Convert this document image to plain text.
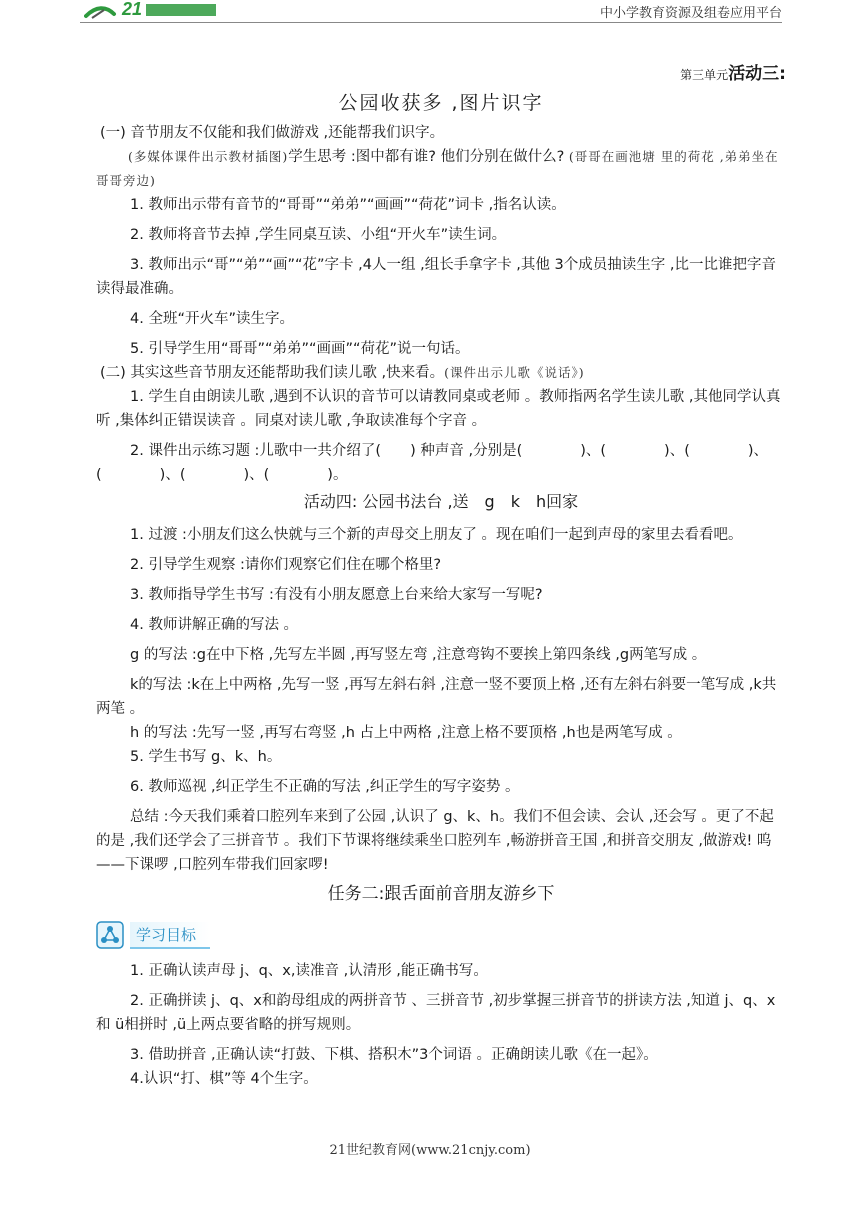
21	中小学教育资源及组卷应用平台

第三单元活动三:

公园收获多 ,图片识字

(一) 音节朋友不仅能和我们做游戏 ,还能帮我们识字。

(多媒体课件出示教材插图)学生思考 :图中都有谁? 他们分别在做什么? (哥哥在画池塘 里的荷花 ,弟弟坐在哥哥旁边)

1. 教师出示带有音节的“哥哥”“弟弟”“画画”“荷花”词卡 ,指名认读。

2. 教师将音节去掉 ,学生同桌互读、小组“开火车”读生词。

3. 教师出示“哥”“弟”“画”“花”字卡 ,4人一组 ,组长手拿字卡 ,其他 3个成员抽读生字 ,比一比谁把字音读得最准确。

4. 全班“开火车”读生字。

5. 引导学生用“哥哥”“弟弟”“画画”“荷花”说一句话。

(二) 其实这些音节朋友还能帮助我们读儿歌 ,快来看。(课件出示儿歌《说话》)

1. 学生自由朗读儿歌 ,遇到不认识的音节可以请教同桌或老师 。教师指两名学生读儿歌 ,其他同学认真听 ,集体纠正错误读音 。同桌对读儿歌 ,争取读准每个字音 。

2. 课件出示练习题 :儿歌中一共介绍了(　　) 种声音 ,分别是(　　　　)、(　　　　)、(　　　　)、(　　　　)、(　　　　)、(　　　　)。

活动四: 公园书法台 ,送　g　k　h回家

1. 过渡 :小朋友们这么快就与三个新的声母交上朋友了 。现在咱们一起到声母的家里去看看吧。

2. 引导学生观察 :请你们观察它们住在哪个格里?

3. 教师指导学生书写 :有没有小朋友愿意上台来给大家写一写呢?

4. 教师讲解正确的写法 。

g 的写法 :g在中下格 ,先写左半圆 ,再写竖左弯 ,注意弯钩不要挨上第四条线 ,g两笔写成 。

k的写法 :k在上中两格 ,先写一竖 ,再写左斜右斜 ,注意一竖不要顶上格 ,还有左斜右斜要一笔写成 ,k共两笔 。

h 的写法 :先写一竖 ,再写右弯竖 ,h 占上中两格 ,注意上格不要顶格 ,h也是两笔写成 。

5. 学生书写 g、k、h。

6. 教师巡视 ,纠正学生不正确的写法 ,纠正学生的写字姿势 。

总结 :今天我们乘着口腔列车来到了公园 ,认识了 g、k、h。我们不但会读、会认 ,还会写 。更了不起的是 ,我们还学会了三拼音节 。我们下节课将继续乘坐口腔列车 ,畅游拼音王国 ,和拼音交朋友 ,做游戏! 呜——下课啰 ,口腔列车带我们回家啰!

任务二:跟舌面前音朋友游乡下

学习目标

1. 正确认读声母 j、q、x,读准音 ,认清形 ,能正确书写。

2. 正确拼读 j、q、x和韵母组成的两拼音节 、三拼音节 ,初步掌握三拼音节的拼读方法 ,知道 j、q、x和 ü相拼时 ,ü上两点要省略的拼写规则。

3. 借助拼音 ,正确认读“打鼓、下棋、搭积木”3个词语 。正确朗读儿歌《在一起》。

4.认识“打、棋”等 4个生字。

21世纪教育网(www.21cnjy.com)
